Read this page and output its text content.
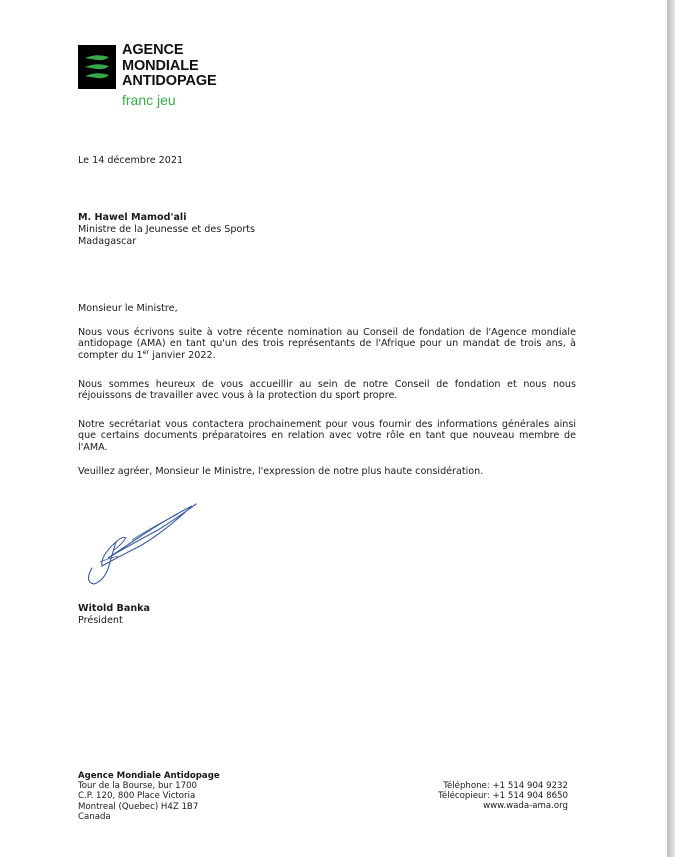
AGENCE
MONDIALE
ANTIDOPAGE
franc jeu
Le 14 décembre 2021
M. Hawel Mamod'ali
Ministre de la Jeunesse et des Sports
Madagascar
Monsieur le Ministre,
Nous vous écrivons suite à votre récente nomination au Conseil de fondation de l'Agence mondiale antidopage (AMA) en tant qu'un des trois représentants de l'Afrique pour un mandat de trois ans, à compter du 1er janvier 2022.
Nous sommes heureux de vous accueillir au sein de notre Conseil de fondation et nous nous réjouissons de travailler avec vous à la protection du sport propre.
Notre secrétariat vous contactera prochainement pour vous fournir des informations générales ainsi que certains documents préparatoires en relation avec votre rôle en tant que nouveau membre de l'AMA.
Veuillez agréer, Monsieur le Ministre, l'expression de notre plus haute considération.
Witold Banka
Président
Agence Mondiale Antidopage
Tour de la Bourse, bur 1700
C.P. 120, 800 Place Victoria
Montreal (Quebec) H4Z 1B7
Canada
Téléphone: +1 514 904 9232
Télécopieur: +1 514 904 8650
www.wada-ama.org
